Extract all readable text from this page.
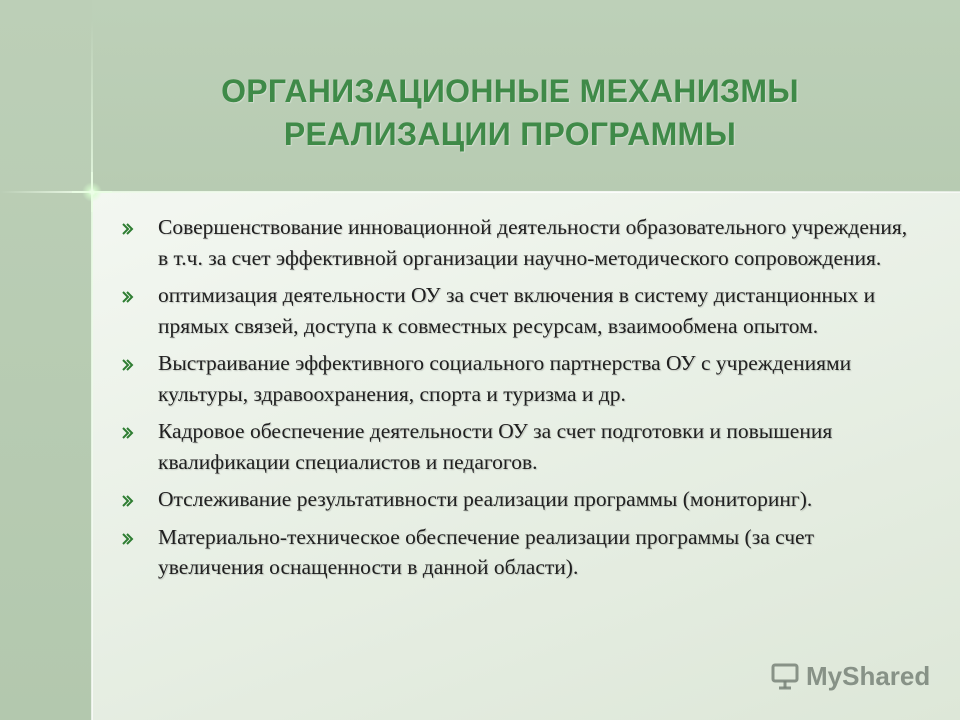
ОРГАНИЗАЦИОННЫЕ МЕХАНИЗМЫ
РЕАЛИЗАЦИИ ПРОГРАММЫ
Совершенствование инновационной деятельности образовательного учреждения, в т.ч. за счет эффективной организации научно-методического сопровождения.
оптимизация деятельности ОУ за счет включения в систему дистанционных и прямых связей, доступа к совместных ресурсам, взаимообмена опытом.
Выстраивание эффективного социального партнерства ОУ с учреждениями культуры, здравоохранения, спорта и туризма и др.
Кадровое обеспечение деятельности ОУ за счет подготовки и повышения квалификации специалистов и педагогов.
Отслеживание результативности реализации программы (мониторинг).
Материально-техническое обеспечение реализации программы (за счет увеличения оснащенности в данной области).
MyShared
